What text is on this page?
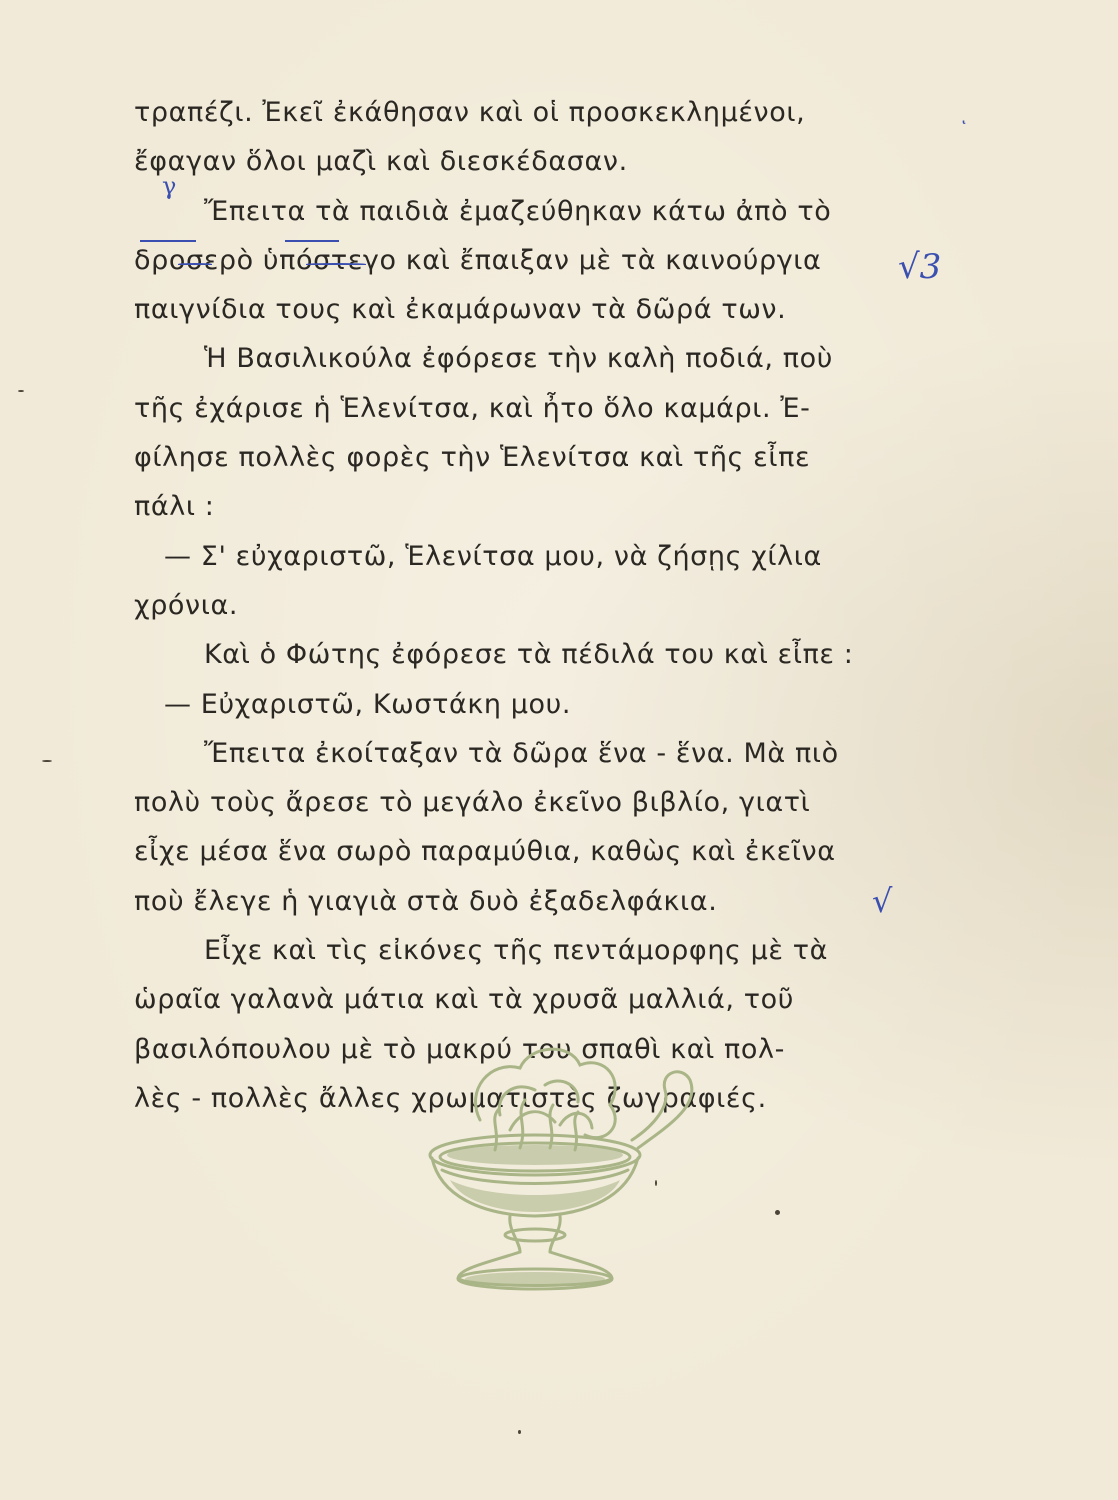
τραπέζι. Ἐκεῖ ἐκάθησαν καὶ οἱ προσκεκλημένοι,
ἔφαγαν ὅλοι μαζὶ καὶ διεσκέδασαν.
Ἔπειτα τὰ παιδιὰ ἐμαζεύθηκαν κάτω ἀπὸ τὸ
δροσερὸ ὑπόστεγο καὶ ἔπαιξαν μὲ τὰ καινούργια
παιγνίδια τους καὶ ἐκαμάρωναν τὰ δῶρά των.
Ἡ Βασιλικούλα ἐφόρεσε τὴν καλὴ ποδιά, ποὺ
τῆς ἐχάρισε ἡ Ἑλενίτσα, καὶ ἦτο ὅλο καμάρι. Ἐ-
φίλησε πολλὲς φορὲς τὴν Ἑλενίτσα καὶ τῆς εἶπε
πάλι :
— Σ' εὐχαριστῶ, Ἑλενίτσα μου, νὰ ζήσῃς χίλια
χρόνια.
Καὶ ὁ Φώτης ἐφόρεσε τὰ πέδιλά του καὶ εἶπε :
— Εὐχαριστῶ, Κωστάκη μου.
Ἔπειτα ἐκοίταξαν τὰ δῶρα ἕνα - ἕνα. Μὰ πιὸ
πολὺ τοὺς ἄρεσε τὸ μεγάλο ἐκεῖνο βιβλίο, γιατὶ
εἶχε μέσα ἕνα σωρὸ παραμύθια, καθὼς καὶ ἐκεῖνα
ποὺ ἔλεγε ἡ γιαγιὰ στὰ δυὸ ἐξαδελφάκια.
Εἶχε καὶ τὶς εἰκόνες τῆς πεντάμορφης μὲ τὰ
ὡραῖα γαλανὰ μάτια καὶ τὰ χρυσᾶ μαλλιά, τοῦ
βασιλόπουλου μὲ τὸ μακρύ του σπαθὶ καὶ πολ-
λὲς - πολλὲς ἄλλες χρωματιστὲς ζωγραφιές.
ͺ
γ
√3
√
